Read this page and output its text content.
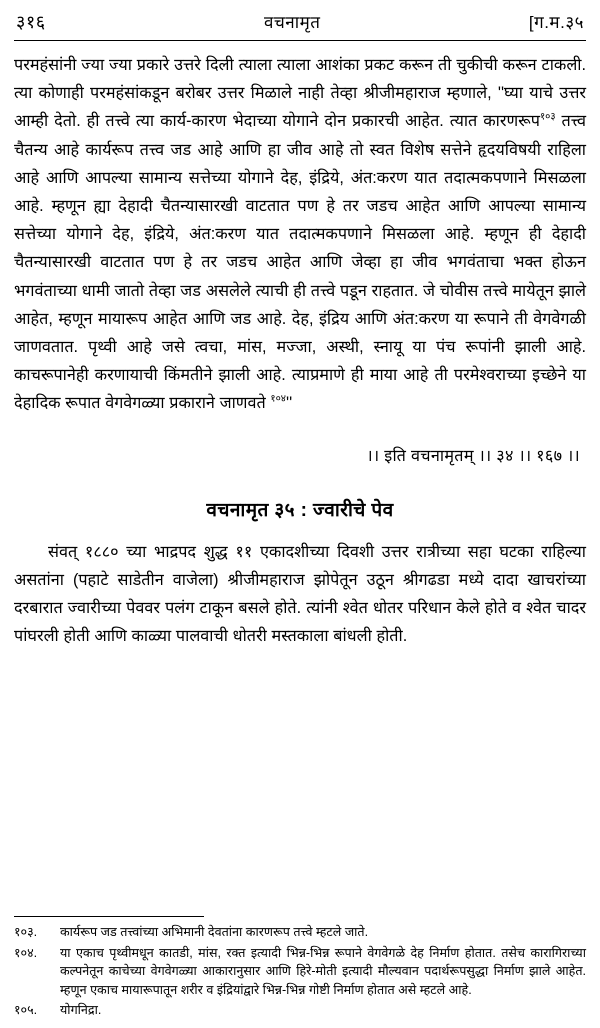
३१६	वचनामृत	[ग.म.३५

परमहंसांनी ज्या ज्या प्रकारे उत्तरे दिली त्याला त्याला आशंका प्रकट करून ती चुकीची करून टाकली. त्या कोणाही परमहंसांकडून बरोबर उत्तर मिळाले नाही तेव्हा श्रीजीमहाराज म्हणाले, ''घ्या याचे उत्तर आम्ही देतो. ही तत्त्वे त्या कार्य-कारण भेदाच्या योगाने दोन प्रकारची आहेत. त्यात कारणरूप$^{१०३}$ तत्त्व चैतन्य आहे कार्यरूप तत्त्व जड आहे आणि हा जीव आहे तो स्वत विशेष सत्तेने हृदयविषयी राहिला आहे आणि आपल्या सामान्य सत्तेच्या योगाने देह, इंद्रिये, अंत:करण यात तदात्मकपणाने मिसळला आहे. म्हणून ह्या देहादी चैतन्यासारखी वाटतात पण हे तर जडच आहेत आणि आपल्या सामान्य सत्तेच्या योगाने देह, इंद्रिये, अंत:करण यात तदात्मकपणाने मिसळला आहे. म्हणून ही देहादी चैतन्यासारखी वाटतात पण हे तर जडच आहेत आणि जेव्हा हा जीव भगवंताचा भक्त होऊन भगवंताच्या धामी जातो तेव्हा जड असलेले त्याची ही तत्त्वे पडून राहतात. जे चोवीस तत्त्वे मायेतून झाले आहेत, म्हणून मायारूप आहेत आणि जड आहे. देह, इंद्रिय आणि अंत:करण या रूपाने ती वेगवेगळी जाणवतात. पृथ्वी आहे जसे त्वचा, मांस, मज्जा, अस्थी, स्नायू या पंच रूपांनी झाली आहे. काचरूपानेही करणायाची किंमतीने झाली आहे. त्याप्रमाणे ही माया आहे ती परमेश्वराच्या इच्छेने या देहादिक रूपात वेगवेगळ्या प्रकाराने जाणवते $^{१०४}$''

।। इति वचनामृतम् ।। ३४ ।। १६७ ।।
वचनामृत ३५ : ज्वारीचे पेव

संवत् १८८० च्या भाद्रपद शुद्ध ११ एकादशीच्या दिवशी उत्तर रात्रीच्या सहा घटका राहिल्या असतांना (पहाटे साडेतीन वाजेला) श्रीजीमहाराज झोपेतून उठून श्रीगढडा मध्ये दादा खाचरांच्या दरबारात ज्वारीच्या पेववर पलंग टाकून बसले होते. त्यांनी श्वेत धोतर परिधान केले होते व श्वेत चादर पांघरली होती आणि काळ्या पालवाची धोतरी मस्तकाला बांधली होती.

१०३.	कार्यरूप जड तत्त्वांच्या अभिमानी देवतांना कारणरूप तत्त्वे म्हटले जाते.
१०४.	या एकाच पृथ्वीमधून कातडी, मांस, रक्त इत्यादी भिन्न-भिन्न रूपाने वेगवेगळे देह निर्माण होतात. तसेच कारागिराच्या कल्पनेतून काचेच्या वेगवेगळ्या आकारानुसार आणि हिरे-मोती इत्यादी मौल्यवान पदार्थरूपसुद्धा निर्माण झाले आहेत. म्हणून एकाच मायारूपातून शरीर व इंद्रियांद्वारे भिन्न-भिन्न गोष्टी निर्माण होतात असे म्हटले आहे.
१०५.	योगनिद्रा.
